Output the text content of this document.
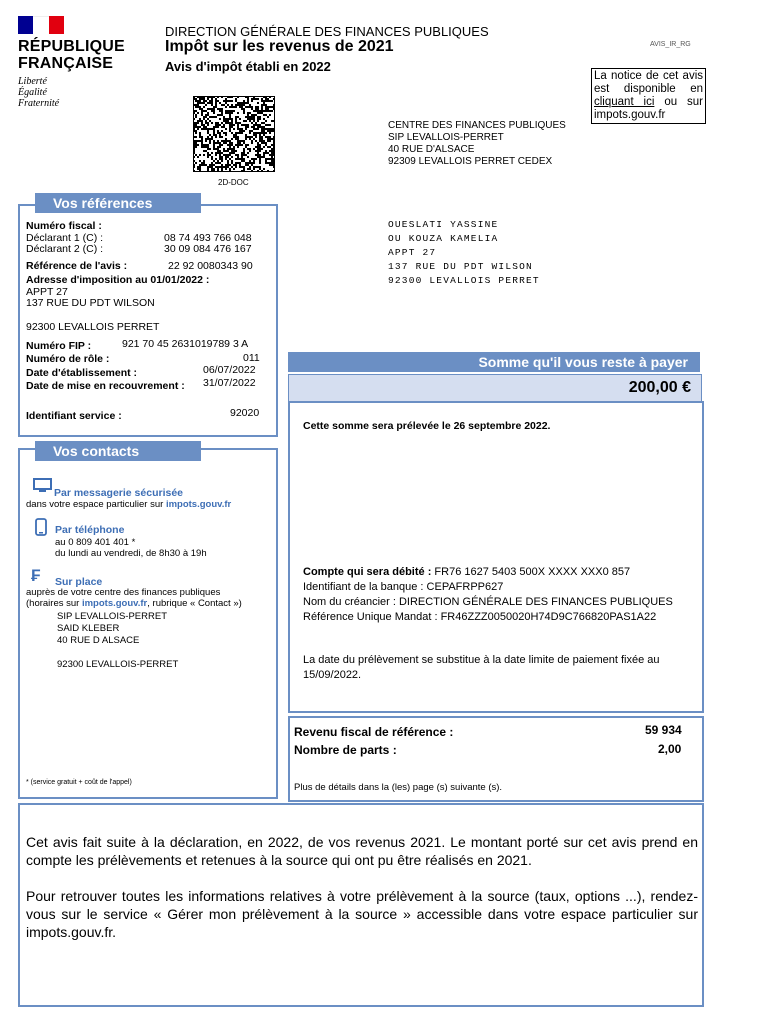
RÉPUBLIQUE
FRANÇAISE
Liberté
Égalité
Fraternité
DIRECTION GÉNÉRALE DES FINANCES PUBLIQUES
Impôt sur les revenus de 2021
Avis d'impôt établi en 2022
AVIS_IR_RG
La notice de cet avis est disponible en cliquant ici ou sur impots.gouv.fr
2D-DOC
CENTRE DES FINANCES PUBLIQUES
SIP LEVALLOIS-PERRET
40 RUE D'ALSACE
92309 LEVALLOIS PERRET CEDEX
OUESLATI YASSINE
OU KOUZA KAMELIA
APPT 27
137 RUE DU PDT WILSON
92300 LEVALLOIS PERRET
Vos références
Numéro fiscal :
Déclarant 1 (C) :	08 74 493 766 048
Déclarant 2 (C) :	30 09 084 476 167
Référence de l'avis :	22 92 0080343 90
Adresse d'imposition au 01/01/2022 :
APPT 27
137 RUE DU PDT WILSON
92300 LEVALLOIS PERRET
Numéro FIP :	921 70 45 2631019789 3 A
Numéro de rôle :	011
Date d'établissement :	06/07/2022
Date de mise en recouvrement : 31/07/2022
Identifiant service :	92020
Vos contacts
Par messagerie sécurisée
dans votre espace particulier sur impots.gouv.fr
Par téléphone
au 0 809 401 401 *
du lundi au vendredi, de 8h30 à 19h
₣ Sur place
auprès de votre centre des finances publiques
(horaires sur impots.gouv.fr, rubrique « Contact »)
SIP LEVALLOIS-PERRET
SAID KLEBER
40 RUE D ALSACE
92300 LEVALLOIS-PERRET
* (service gratuit + coût de l'appel)
Somme qu'il vous reste à payer
200,00 €
Cette somme sera prélevée le 26 septembre 2022.
Compte qui sera débité : FR76 1627 5403 500X XXXX XXX0 857
Identifiant de la banque : CEPAFRPP627
Nom du créancier : DIRECTION GÉNÉRALE DES FINANCES PUBLIQUES
Référence Unique Mandat : FR46ZZZ0050020H74D9C766820PAS1A22
La date du prélèvement se substitue à la date limite de paiement fixée au 15/09/2022.
Revenu fiscal de référence :	59 934
Nombre de parts :	2,00
Plus de détails dans la (les) page (s) suivante (s).
Cet avis fait suite à la déclaration, en 2022, de vos revenus 2021. Le montant porté sur cet avis prend en compte les prélèvements et retenues à la source qui ont pu être réalisés en 2021.
Pour retrouver toutes les informations relatives à votre prélèvement à la source (taux, options ...), rendez-vous sur le service « Gérer mon prélèvement à la source » accessible dans votre espace particulier sur impots.gouv.fr.
